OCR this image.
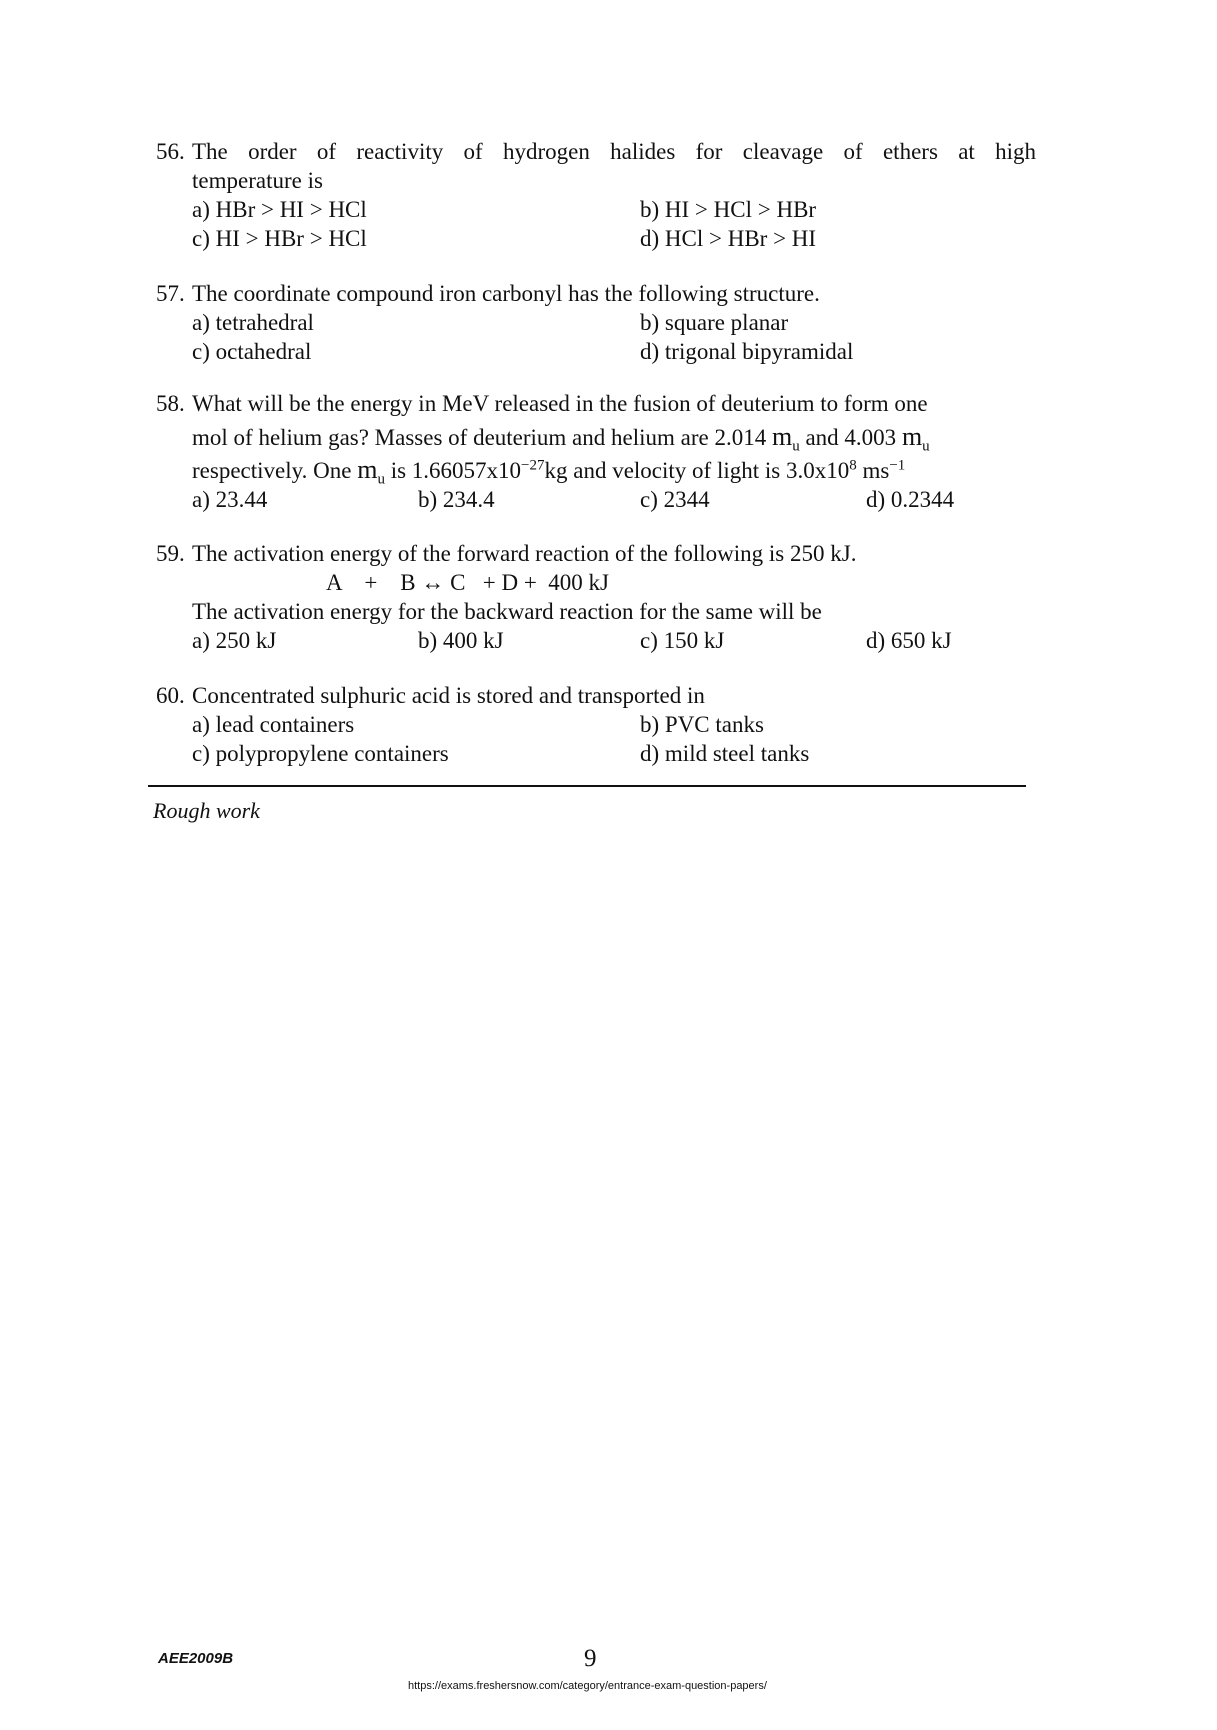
56. The order of reactivity of hydrogen halides for cleavage of ethers at high
temperature is
a) HBr > HI > HCl	b) HI > HCl > HBr
c) HI > HBr > HCl	d) HCl > HBr > HI
57. The coordinate compound iron carbonyl has the following structure.
a) tetrahedral	b) square planar
c) octahedral	d) trigonal bipyramidal
58. What will be the energy in MeV released in the fusion of deuterium to form one
mol of helium gas? Masses of deuterium and helium are 2.014 $m_u$ and 4.003 $m_u$
respectively. One $m_u$ is $1.66057x10^{-27}kg$ and velocity of light is $3.0x10^8$ $ms^{-1}$
a) 23.44	b) 234.4	c) 2344	d) 0.2344
59. The activation energy of the forward reaction of the following is 250 kJ.
A    +    B ↔ C   + D +  400 kJ
The activation energy for the backward reaction for the same will be
a) 250 kJ	b) 400 kJ	c) 150 kJ	d) 650 kJ
60. Concentrated sulphuric acid is stored and transported in
a) lead containers	b) PVC tanks
c) polypropylene containers	d) mild steel tanks
Rough work
AEE2009B	9
https://exams.freshersnow.com/category/entrance-exam-question-papers/
